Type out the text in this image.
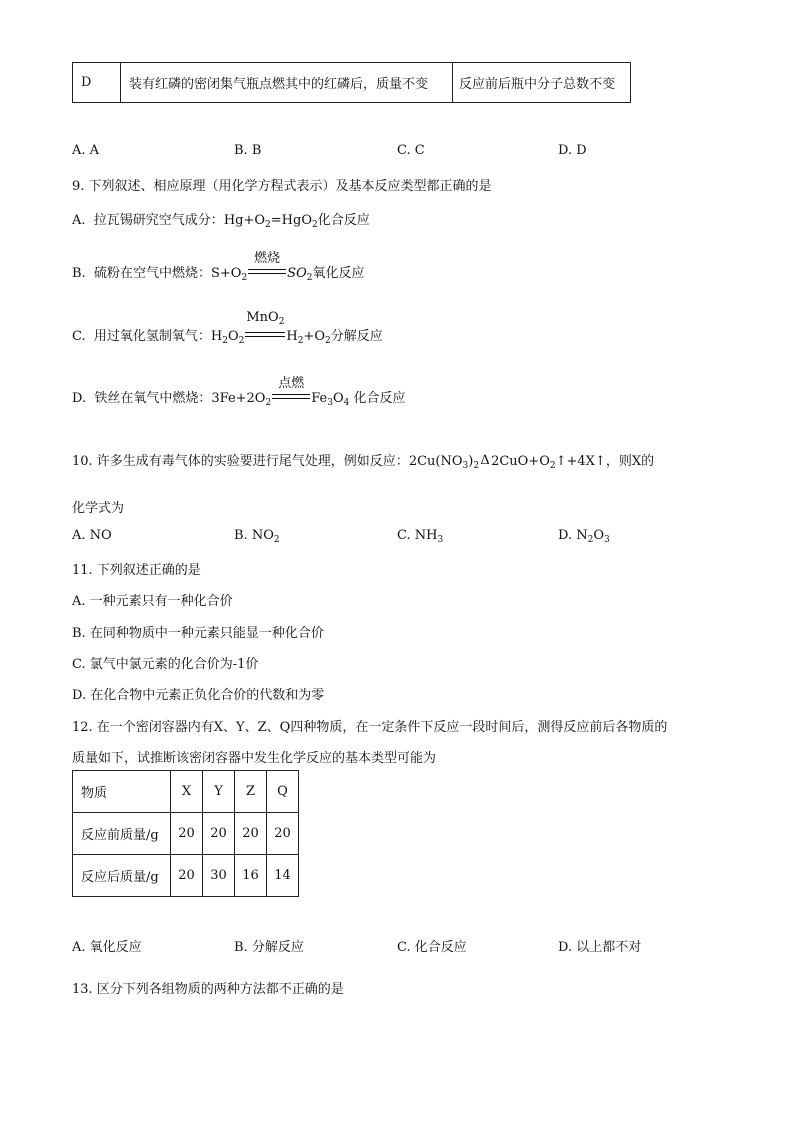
D	装有红磷的密闭集气瓶点燃其中的红磷后，质量不变	反应前后瓶中分子总数不变
A. A	B. B	C. C	D. D
9. 下列叙述、相应原理（用化学方程式表示）及基本反应类型都正确的是
A. 拉瓦锡研究空气成分：$Hg+O_2=HgO_2$化合反应
B. 硫粉在空气中燃烧：$S+O_2$
燃烧
$SO_2$氧化反应
C. 用过氧化氢制氧气：$H_2O_2$
MnO$_2$
$H_2+O_2$分解反应
D. 铁丝在氧气中燃烧：$3Fe+2O_2$
点燃
$Fe_3O_4$ 化合反应
10. 许多生成有毒气体的实验要进行尾气处理，例如反应：$2Cu(NO_3)_2$ Δ $2CuO+O_2↑+4X↑$，则X的
化学式为
A. NO	B. $NO_2$	C. $NH_3$	D. $N_2O_3$
11. 下列叙述正确的是
A. 一种元素只有一种化合价
B. 在同种物质中一种元素只能显一种化合价
C. 氯气中氯元素的化合价为-1价
D. 在化合物中元素正负化合价的代数和为零
12. 在一个密闭容器内有X、Y、Z、Q四种物质，在一定条件下反应一段时间后，测得反应前后各物质的
质量如下，试推断该密闭容器中发生化学反应的基本类型可能为
物质	X	Y	Z	Q
反应前质量/g	20	20	20	20
反应后质量/g	20	30	16	14
A. 氧化反应	B. 分解反应	C. 化合反应	D. 以上都不对
13. 区分下列各组物质的两种方法都不正确的是
